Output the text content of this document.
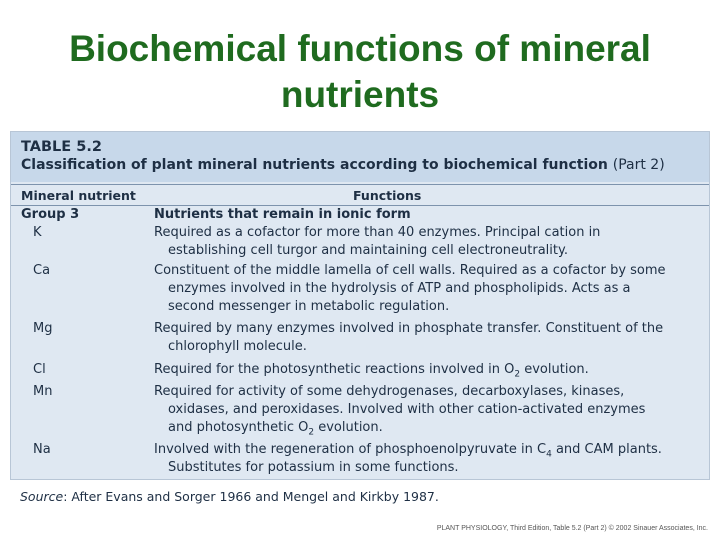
Biochemical functions of mineral nutrients
TABLE 5.2
Classification of plant mineral nutrients according to biochemical function (Part 2)
Mineral nutrient	Functions
Group 3	Nutrients that remain in ionic form
K	Required as a cofactor for more than 40 enzymes. Principal cation in
establishing cell turgor and maintaining cell electroneutrality.
Ca	Constituent of the middle lamella of cell walls. Required as a cofactor by some
enzymes involved in the hydrolysis of ATP and phospholipids. Acts as a
second messenger in metabolic regulation.
Mg	Required by many enzymes involved in phosphate transfer. Constituent of the
chlorophyll molecule.
Cl	Required for the photosynthetic reactions involved in $O_2$ evolution.
Mn	Required for activity of some dehydrogenases, decarboxylases, kinases,
oxidases, and peroxidases. Involved with other cation-activated enzymes
and photosynthetic $O_2$ evolution.
Na	Involved with the regeneration of phosphoenolpyruvate in $C_4$ and CAM plants.
Substitutes for potassium in some functions.
Source: After Evans and Sorger 1966 and Mengel and Kirkby 1987.
PLANT PHYSIOLOGY, Third Edition, Table 5.2 (Part 2) © 2002 Sinauer Associates, Inc.
